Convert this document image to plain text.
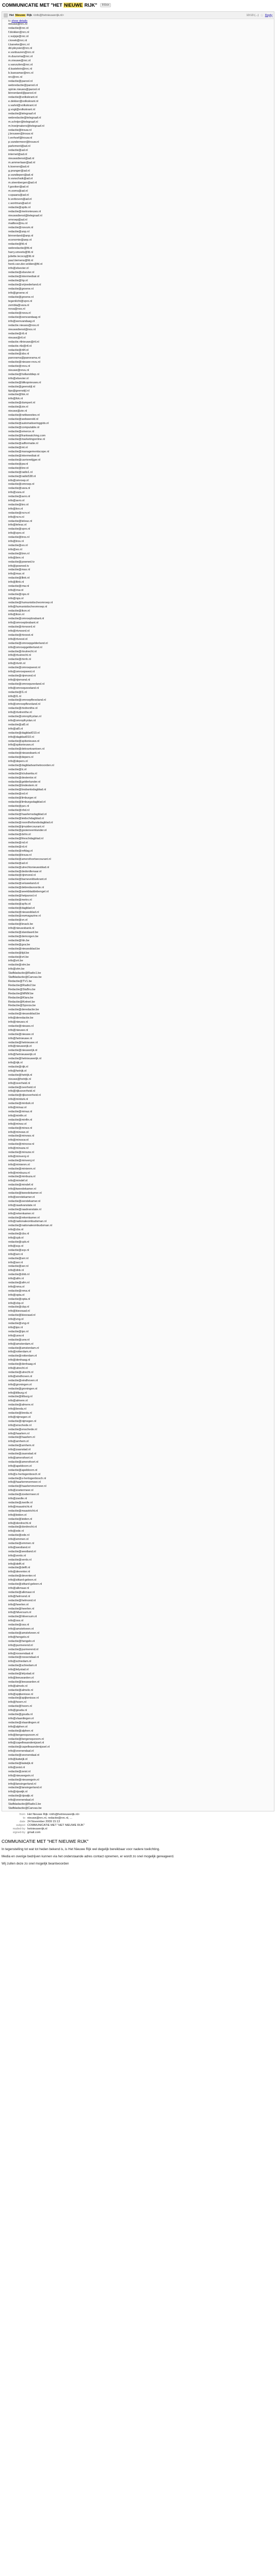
COMMUNICATIE MET "HET NIEUWE RIJK"	Inbox
Het Nieuwe Rijk <info@hetnieuwerijk.nl>	13:13 (...) ☆ Reply
to show details
nieuws@nrc.nl
redactie@nrc.nl
f.blokker@nrc.nl
c.vuijsje@nrc.nl
r.kreek@nrc.nl
t.baneke@nrc.nl
dd.pleysier@nrc.nl
e.vanbuuren@nrc.nl
m.duursma@nrc.nl
m.nieuwe@nrc.nl
s.vanzuilen@nrc.nl
d.kastelein@nrc.nl
b.kaesamar@nrc.nl
nrc@nrc.nl
redactie@parool.nl
webredactie@parool.nl
opinie.nieuws@parool.nl
binnenland@parool.nl
redactie@volkskrant.nl
e.dekker@volkskrant.nl
s.varlet@volkskrant.nl
g.vogt@volkskrant.nl
redactie@telegraaf.nl
webredactie@telegraaf.nl
m.schrijer@telegraaf.nl
m.hoeijmakers@telegraaf.nl
redactie@trouw.nl
j.brouwer@trouw.nl
l.verhoef@trouw.nl
p.vandermeer@trouw.nl
parlement@ad.nl
redactie@ad.nl
internet@ad.nl
nieuwsdienst@ad.nl
m.ammerlaan@ad.nl
k.koenen@ad.nl
g.pranger@ad.nl
p.vandiepen@ad.nl
b.vanschaik@ad.nl
m.steenbergen@ad.nl
f.gooiker@ad.nl
m.ooms@ad.nl
v.spaans@ad.nl
b.verboven@ad.nl
c.wortman@ad.nl
redactie@spits.nl
redactie@metronieuws.nl
nieuwsdienst@telegraaf.nl
omroep@ad.nl
mailbox@nu.nl
redactie@novum.nl
redactie@anp.nl
binnenland@anp.nl
economie@anp.nl
redactie@fd.nl
webredactie@fd.nl
harry.smeets@fd.nl
juliette.lecocq@fd.nl
paul.tiemens@fd.nl
henk.van.der.velden@fd.nl
info@elsevier.nl
redactie@elsevier.nl
redactie@intermediair.nl
redactie@hp.nl
redactie@vrijnederland.nl
redactie@groene.nl
info@groene.nl
redactie@groene.nl
tegenlicht@vpro.nl
zembla@vara.nl
nova@nos.nl
redactie@nova.nl
redactie@eenvandaag.nl
info@eenvandaag.nl
redactie.nieuws@nos.nl
nieuwsdienst@nos.nl
redactie@rtl.nl
nieuws@rtl.nl
redactie.rtlnieuws@rtl.nl
redactie.rtlz@rtl.nl
redactie@rtl4.nl
redactie@sbs.nl
panorama@panorama.nl
redactie@nieuwe-revu.nl
redactie@revu.nl
nieuwe@revu.nl
redactie@hollanddiep.nl
info@elsevier.nl
redactie@blikopnieuws.nl
redactie@geenstijl.nl
tips@geenstijl.nl
redactie@fok.nl
info@fok.nl
redactie@dumpert.nl
redactie@zie.nl
nieuws@zie.nl
redactie@netkwesties.nl
redactie@webwereld.nl
redactie@automatiseringgids.nl
redactie@computable.nl
redactie@emerce.nl
redactie@frankwatching.com
redactie@marketingonline.nl
redactie@adformatie.nl
redactie@mt.nl
redactie@managementscope.nl
redactie@intermediair.nl
redactie@carrieretijger.nl
redactie@pw.nl
redactie@bnr.nl
redactie@radio1.nl
redactie@radio538.nl
info@omroep.nl
redactie@omroep.nl
redactie@vara.nl
info@vara.nl
redactie@avro.nl
info@avro.nl
redactie@kro.nl
info@kro.nl
redactie@ncrv.nl
info@ncrv.nl
redactie@teleac.nl
info@teleac.nl
redactie@vpro.nl
info@vpro.nl
redactie@tros.nl
info@tros.nl
redactie@eo.nl
info@eo.nl
redactie@bnn.nl
info@bnn.nl
redactie@powned.tv
info@powned.tv
redactie@max.nl
info@max.nl
redactie@llink.nl
info@llink.nl
redactie@rnw.nl
info@rnw.nl
redactie@nps.nl
info@nps.nl
redactie@humanistischeomroep.nl
info@humanistischeomroep.nl
redactie@ikon.nl
info@ikon.nl
redactie@omroepbrabant.nl
info@omroepbrabant.nl
redactie@rtvnoord.nl
info@rtvnoord.nl
redactie@rtvoost.nl
info@rtvoost.nl
redactie@omroepgelderland.nl
info@omroepgelderland.nl
redactie@rtvutrecht.nl
info@rtvutrecht.nl
redactie@rtvnh.nl
info@rtvnh.nl
redactie@omroepwest.nl
info@omroepwest.nl
redactie@rijnmond.nl
info@rijnmond.nl
redactie@omroepzeeland.nl
info@omroepzeeland.nl
redactie@l1.nl
info@l1.nl
redactie@omroepflevoland.nl
info@omroepflevoland.nl
redactie@rtvdrenthe.nl
info@rtvdrenthe.nl
redactie@omropfryslan.nl
info@omropfryslan.nl
redactie@at5.nl
info@at5.nl
redactie@dagblad010.nl
info@dagblad010.nl
redactie@spitsnieuws.nl
info@spitsnieuws.nl
redactie@dekrantvantoen.nl
redactie@nieuwsbank.nl
redactie@depers.nl
info@depers.nl
redactie@dagbladvanhetnoorden.nl
redactie@lc.nl
redactie@tctubantia.nl
redactie@destentor.nl
redactie@gelderlander.nl
redactie@bndestem.nl
redactie@brabantsdagblad.nl
redactie@ed.nl
redactie@limburger.nl
redactie@limburgsdagblad.nl
redactie@pzc.nl
redactie@nhd.nl
redactie@haarlemsdagblad.nl
redactie@leidschdagblad.nl
redactie@noordhollandsdagblad.nl
redactie@ijmuidercourant.nl
redactie@gooieneemlander.nl
redactie@dvhn.nl
redactie@frieschdagblad.nl
redactie@nd.nl
redactie@rd.nl
redactie@refdag.nl
redactie@trouw.nl
redactie@amersfoortsecourant.nl
redactie@ad.nl
redactie@utrechtsnieuwsblad.nl
redactie@dedordtenaar.nl
redactie@rijnmond.nl
redactie@barneveldsekrant.nl
redactie@veluweland.nl
redactie@debredavoorde.nl
redactie@weekbladdebengel.nl
redactie@hetparool.nl
redactie@metro.nl
redactie@sp!ts.nl
redactie@dagblad.nl
redactie@nieuwsblad.nl
redactie@ewmagazine.nl
redactie@vn.nl
redactie@knack.be
info@nieuwsbank.nl
redactie@standaard.be
redactie@demorgen.be
redactie@hln.be
redactie@gva.be
redactie@nieuwsblad.be
redactie@tijd.be
redactie@vrt.be
info@vrt.be
redactie@vtm.be
info@vtm.be
Stafbladactie@Radio1.be
Stafbladactie@Canvas.be
Redactie@TV1.be
Redactie@Radio2.be
Redactie@StuBru.be
Redactie@MNM.be
Redactie@Klara.be
Redactie@Ketnet.be
Redactie@Sporza.be
redactie@deredactie.be
redactie@nieuwsblad.be
info@deredactie.be
info@nieuws.nl
redactie@nieuws.nl
info@nieuwe.nl
redactie@nieuwe.nl
info@hetnieuwe.nl
redactie@hetnieuwe.nl
info@nieuwerijk.nl
redactie@nieuwerijk.nl
info@hetnieuwerijk.nl
redactie@hetnieuwerijk.nl
info@rijk.nl
redactie@rijk.nl
info@hetrijk.nl
redactie@hetrijk.nl
nieuws@hetrijk.nl
info@overheid.nl
redactie@overheid.nl
info@rijksoverheid.nl
redactie@rijksoverheid.nl
info@minbzk.nl
redactie@minbzk.nl
info@minaz.nl
redactie@minaz.nl
info@minfin.nl
redactie@minfin.nl
info@minez.nl
redactie@minez.nl
info@minvws.nl
redactie@minvws.nl
info@minocw.nl
redactie@minocw.nl
info@minszw.nl
redactie@minszw.nl
info@minvenj.nl
redactie@minvenj.nl
info@minienm.nl
redactie@minienm.nl
info@minbuza.nl
redactie@minbuza.nl
info@mindef.nl
redactie@mindef.nl
info@tweedekamer.nl
redactie@tweedekamer.nl
info@eerstekamer.nl
redactie@eerstekamer.nl
info@raadvanstate.nl
redactie@raadvanstate.nl
info@rekenkamer.nl
redactie@rekenkamer.nl
info@nationaleombudsman.nl
redactie@nationaleombudsman.nl
info@cbs.nl
redactie@cbs.nl
info@cpb.nl
redactie@cpb.nl
info@scp.nl
redactie@scp.nl
info@wrr.nl
redactie@wrr.nl
info@ser.nl
redactie@ser.nl
info@dnb.nl
redactie@dnb.nl
info@afm.nl
redactie@afm.nl
info@nma.nl
redactie@nma.nl
info@opta.nl
redactie@opta.nl
info@cbp.nl
redactie@cbp.nl
info@kiesraad.nl
redactie@kiesraad.nl
info@vng.nl
redactie@vng.nl
info@ipo.nl
redactie@ipo.nl
info@uvw.nl
redactie@uvw.nl
info@amsterdam.nl
redactie@amsterdam.nl
info@rotterdam.nl
redactie@rotterdam.nl
info@denhaag.nl
redactie@denhaag.nl
info@utrecht.nl
redactie@utrecht.nl
info@eindhoven.nl
redactie@eindhoven.nl
info@groningen.nl
redactie@groningen.nl
info@tilburg.nl
redactie@tilburg.nl
info@almere.nl
redactie@almere.nl
info@breda.nl
redactie@breda.nl
info@nijmegen.nl
redactie@nijmegen.nl
info@enschede.nl
redactie@enschede.nl
info@haarlem.nl
redactie@haarlem.nl
info@arnhem.nl
redactie@arnhem.nl
info@zaanstad.nl
redactie@zaanstad.nl
info@amersfoort.nl
redactie@amersfoort.nl
info@apeldoorn.nl
redactie@apeldoorn.nl
info@s-hertogenbosch.nl
redactie@s-hertogenbosch.nl
info@haarlemmermeer.nl
redactie@haarlemmermeer.nl
info@zoetermeer.nl
redactie@zoetermeer.nl
info@zwolle.nl
redactie@zwolle.nl
info@maastricht.nl
redactie@maastricht.nl
info@leiden.nl
redactie@leiden.nl
info@dordrecht.nl
redactie@dordrecht.nl
info@ede.nl
redactie@ede.nl
info@emmen.nl
redactie@emmen.nl
info@westland.nl
redactie@westland.nl
info@venlo.nl
redactie@venlo.nl
info@delft.nl
redactie@delft.nl
info@deventer.nl
redactie@deventer.nl
info@sittard-geleen.nl
redactie@sittard-geleen.nl
info@alkmaar.nl
redactie@alkmaar.nl
info@helmond.nl
redactie@helmond.nl
info@heerlen.nl
redactie@heerlen.nl
info@hilversum.nl
redactie@hilversum.nl
info@oss.nl
redactie@oss.nl
info@amstelveen.nl
redactie@amstelveen.nl
info@hengelo.nl
redactie@hengelo.nl
info@purmerend.nl
redactie@purmerend.nl
info@roosendaal.nl
redactie@roosendaal.nl
info@schiedam.nl
redactie@schiedam.nl
info@lelystad.nl
redactie@lelystad.nl
info@leeuwarden.nl
redactie@leeuwarden.nl
info@almelo.nl
redactie@almelo.nl
info@spijkenisse.nl
redactie@spijkenisse.nl
info@hoorn.nl
redactie@hoorn.nl
info@gouda.nl
redactie@gouda.nl
info@vlaardingen.nl
redactie@vlaardingen.nl
info@alphen.nl
redactie@alphen.nl
info@bergenopzoom.nl
redactie@bergenopzoom.nl
info@capelleaandenijssel.nl
redactie@capelleaandenijssel.nl
info@veenendaal.nl
redactie@veenendaal.nl
info@katwijk.nl
redactie@katwijk.nl
info@zeist.nl
redactie@zeist.nl
info@nieuwegein.nl
redactie@nieuwegein.nl
info@lansingerland.nl
redactie@lansingerland.nl
info@rijswijk.nl
redactie@rijswijk.nl
info@veenendaal.nl
Stafbladactie@Radio1.be
Stafbladactie@Canvas.be
from Het Nieuwe Rijk <info@hetnieuwerijk.nl>
to nieuws@nrc.nl, redactie@nrc.nl, ...
date 24 November 2009 15:13
subject COMMUNICATIE MET "HET NIEUWE RIJK"
mailed-by hetnieuwerijk.nl
signed-by gmail.com
COMMUNICATIE MET "HET NIEUWE RIJK"
In tegenstelling tot wat tot heden bekend is, is Het Nieuwe Rijk wel degelijk bereikbaar voor nadere toelichting.
Media en overige bedrijven kunnen via het onderstaande adres contact opnemen, er wordt zo snel mogelijk gereageerd.
Wij zullen deze zo snel mogelijk beantwoorden
